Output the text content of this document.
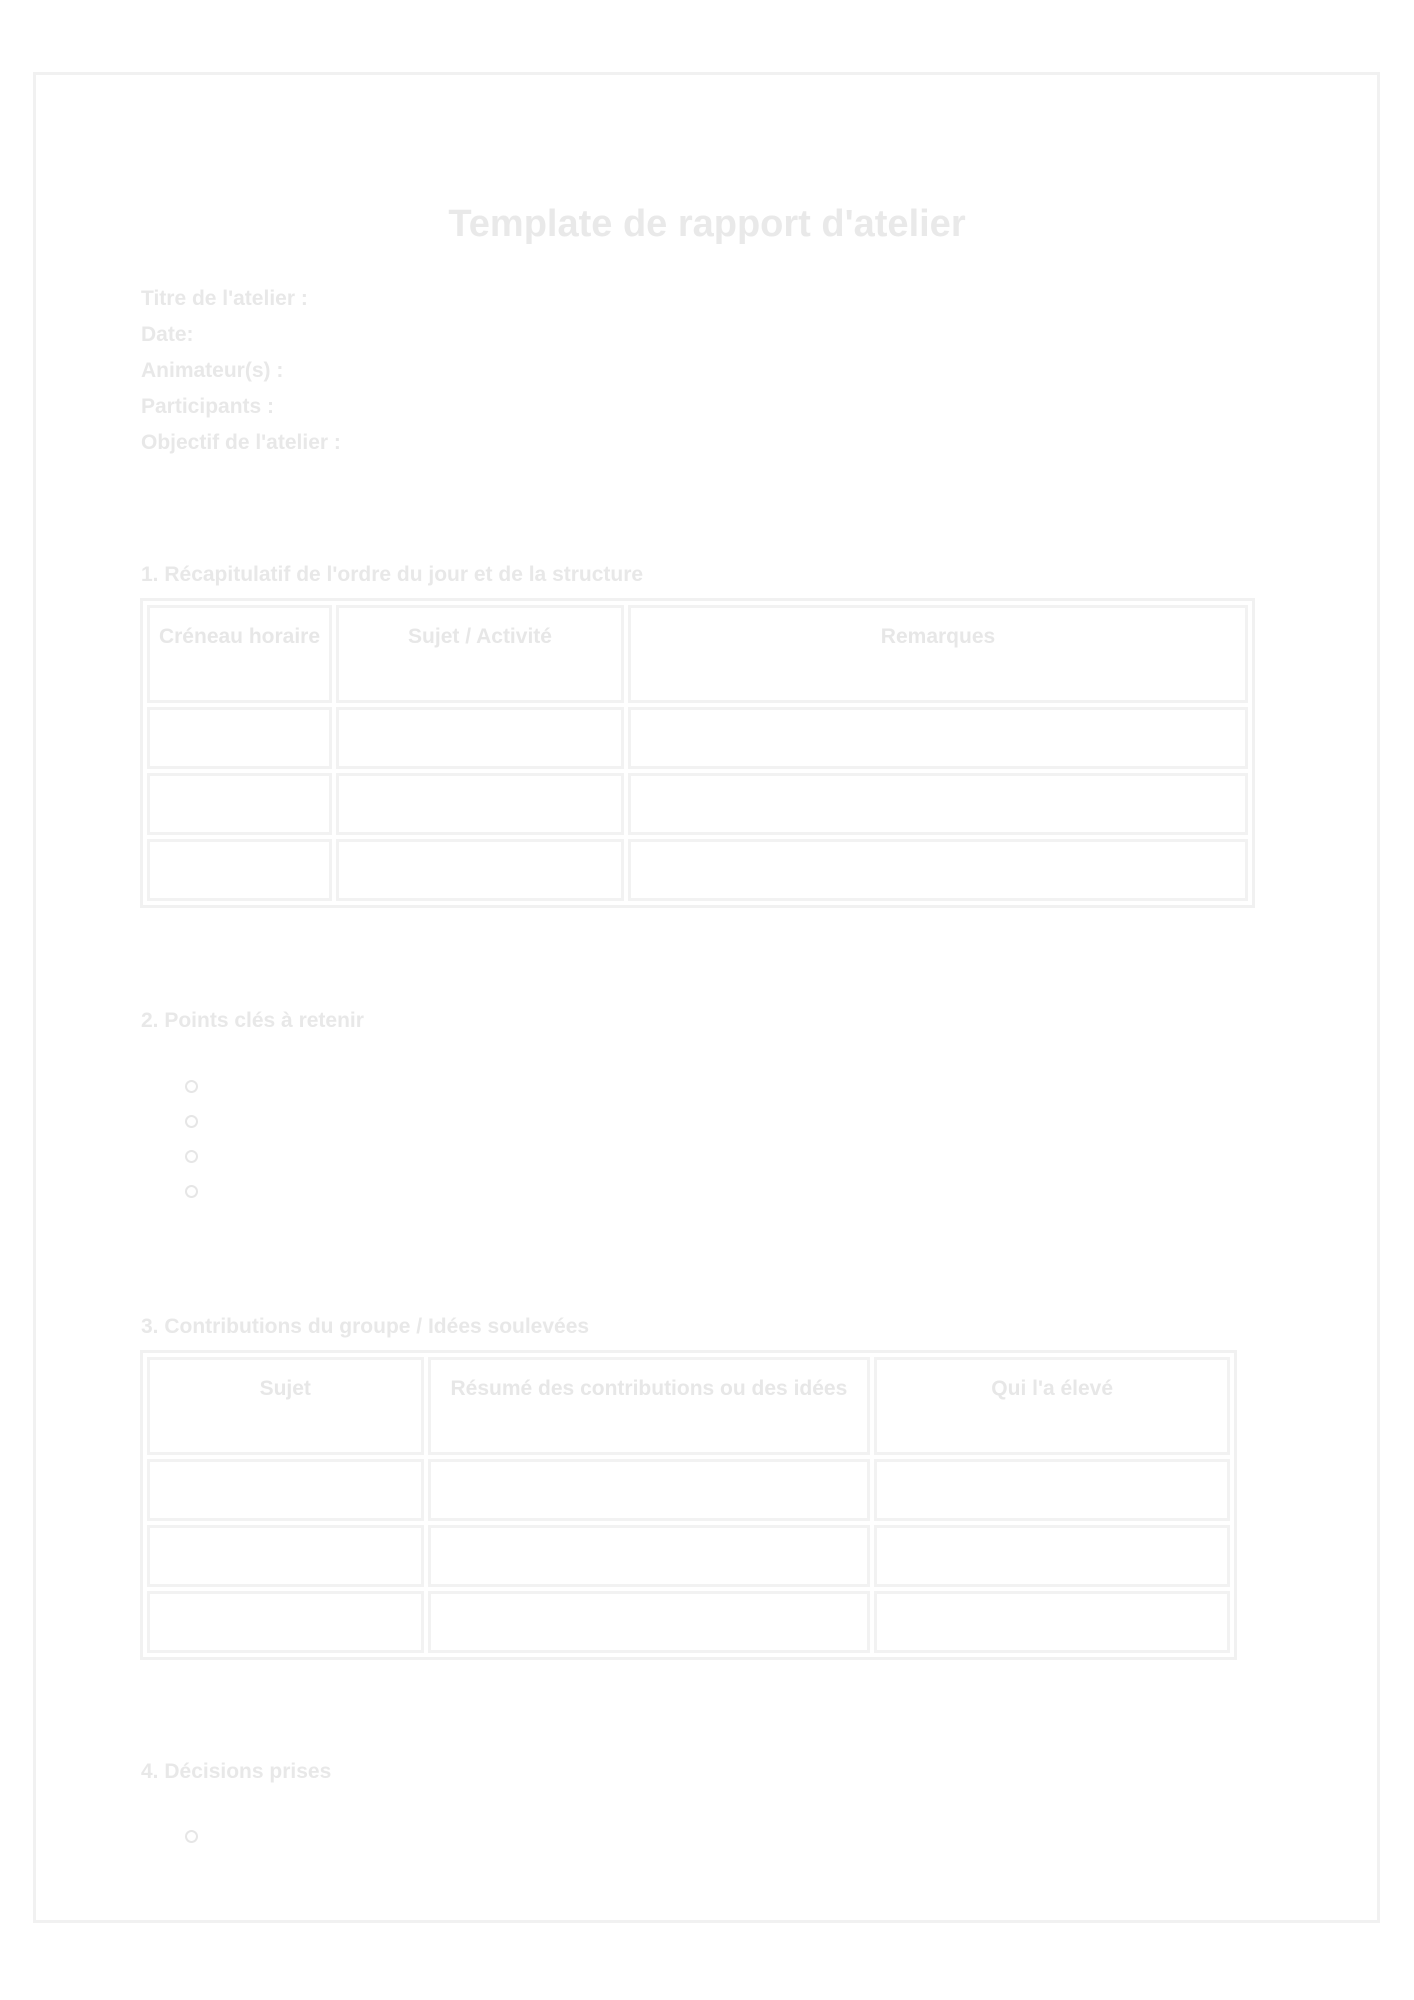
Template de rapport d'atelier

Titre de l'atelier :

Date:

Animateur(s) :

Participants :

Objectif de l'atelier :

1. Récapitulatif de l'ordre du jour et de la structure

Créneau horaire	Sujet / Activité	Remarques

2. Points clés à retenir

3. Contributions du groupe / Idées soulevées

Sujet	Résumé des contributions ou des idées	Qui l'a élevé

4. Décisions prises
